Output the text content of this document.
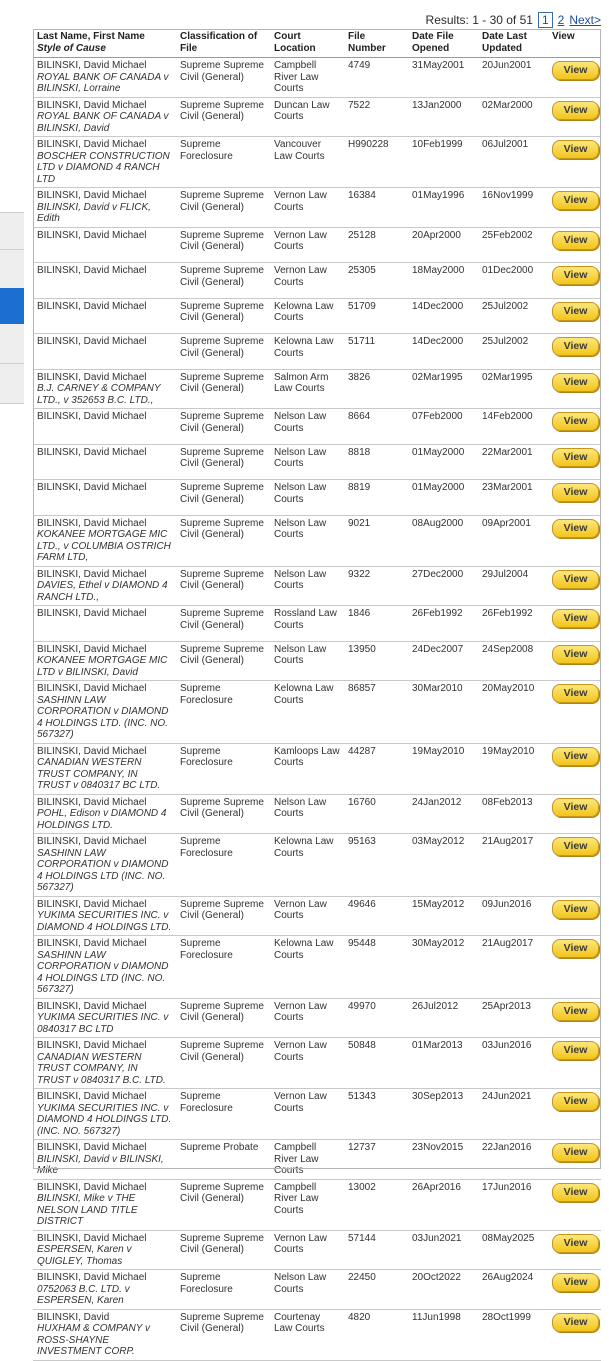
Results: 1 - 30 of 51 1 2 Next>
Last Name, First Name
Style of Cause	Classification of File	Court Location	File Number	Date File Opened	Date Last Updated	View

BILINSKI, David Michael
ROYAL BANK OF CANADA v BILINSKI, Lorraine	Supreme Supreme Civil (General)	Campbell River Law Courts	4749	31May2001	20Jun2001	View

BILINSKI, David Michael
ROYAL BANK OF CANADA v BILINSKI, David	Supreme Supreme Civil (General)	Duncan Law Courts	7522	13Jan2000	02Mar2000	View

BILINSKI, David Michael
BOSCHER CONSTRUCTION LTD v DIAMOND 4 RANCH LTD	Supreme Foreclosure	Vancouver Law Courts	H990228	10Feb1999	06Jul2001	View

BILINSKI, David Michael
BILINSKI, David v FLICK, Edith	Supreme Supreme Civil (General)	Vernon Law Courts	16384	01May1996	16Nov1999	View

BILINSKI, David Michael	Supreme Supreme Civil (General)	Vernon Law Courts	25128	20Apr2000	25Feb2002	View

BILINSKI, David Michael	Supreme Supreme Civil (General)	Vernon Law Courts	25305	18May2000	01Dec2000	View

BILINSKI, David Michael	Supreme Supreme Civil (General)	Kelowna Law Courts	51709	14Dec2000	25Jul2002	View

BILINSKI, David Michael	Supreme Supreme Civil (General)	Kelowna Law Courts	51711	14Dec2000	25Jul2002	View

BILINSKI, David Michael
B.J. CARNEY & COMPANY LTD., v 352653 B.C. LTD.,	Supreme Supreme Civil (General)	Salmon Arm Law Courts	3826	02Mar1995	02Mar1995	View

BILINSKI, David Michael	Supreme Supreme Civil (General)	Nelson Law Courts	8664	07Feb2000	14Feb2000	View

BILINSKI, David Michael	Supreme Supreme Civil (General)	Nelson Law Courts	8818	01May2000	22Mar2001	View

BILINSKI, David Michael	Supreme Supreme Civil (General)	Nelson Law Courts	8819	01May2000	23Mar2001	View

BILINSKI, David Michael
KOKANEE MORTGAGE MIC LTD., v COLUMBIA OSTRICH FARM LTD,	Supreme Supreme Civil (General)	Nelson Law Courts	9021	08Aug2000	09Apr2001	View

BILINSKI, David Michael
DAVIES, Ethel v DIAMOND 4 RANCH LTD.,	Supreme Supreme Civil (General)	Nelson Law Courts	9322	27Dec2000	29Jul2004	View

BILINSKI, David Michael	Supreme Supreme Civil (General)	Rossland Law Courts	1846	26Feb1992	26Feb1992	View

BILINSKI, David Michael
KOKANEE MORTGAGE MIC LTD v BILINSKI, David	Supreme Supreme Civil (General)	Nelson Law Courts	13950	24Dec2007	24Sep2008	View

BILINSKI, David Michael
SASHINN LAW CORPORATION v DIAMOND 4 HOLDINGS LTD. (INC. NO. 567327)	Supreme Foreclosure	Kelowna Law Courts	86857	30Mar2010	20May2010	View

BILINSKI, David Michael
CANADIAN WESTERN TRUST COMPANY, IN TRUST v 0840317 BC LTD.	Supreme Foreclosure	Kamloops Law Courts	44287	19May2010	19May2010	View

BILINSKI, David Michael
POHL, Edison v DIAMOND 4 HOLDINGS LTD.	Supreme Supreme Civil (General)	Nelson Law Courts	16760	24Jan2012	08Feb2013	View

BILINSKI, David Michael
SASHINN LAW CORPORATION v DIAMOND 4 HOLDINGS LTD (INC. NO. 567327)	Supreme Foreclosure	Kelowna Law Courts	95163	03May2012	21Aug2017	View

BILINSKI, David Michael
YUKIMA SECURITIES INC. v DIAMOND 4 HOLDINGS LTD.	Supreme Supreme Civil (General)	Vernon Law Courts	49646	15May2012	09Jun2016	View

BILINSKI, David Michael
SASHINN LAW CORPORATION v DIAMOND 4 HOLDINGS LTD (INC. NO. 567327)	Supreme Foreclosure	Kelowna Law Courts	95448	30May2012	21Aug2017	View

BILINSKI, David Michael
YUKIMA SECURITIES INC. v 0840317 BC LTD	Supreme Supreme Civil (General)	Vernon Law Courts	49970	26Jul2012	25Apr2013	View

BILINSKI, David Michael
CANADIAN WESTERN TRUST COMPANY, IN TRUST v 0840317 B.C. LTD.	Supreme Supreme Civil (General)	Vernon Law Courts	50848	01Mar2013	03Jun2016	View

BILINSKI, David Michael
YUKIMA SECURITIES INC. v DIAMOND 4 HOLDINGS LTD. (INC. NO. 567327)	Supreme Foreclosure	Vernon Law Courts	51343	30Sep2013	24Jun2021	View

BILINSKI, David Michael
BILINSKI, David v BILINSKI, Mike	Supreme Probate	Campbell River Law Courts	12737	23Nov2015	22Jan2016	View

BILINSKI, David Michael
BILINSKI, Mike v THE NELSON LAND TITLE DISTRICT	Supreme Supreme Civil (General)	Campbell River Law Courts	13002	26Apr2016	17Jun2016	View

BILINSKI, David Michael
ESPERSEN, Karen v QUIGLEY, Thomas	Supreme Supreme Civil (General)	Vernon Law Courts	57144	03Jun2021	08May2025	View

BILINSKI, David Michael
0752063 B.C. LTD. v ESPERSEN, Karen	Supreme Foreclosure	Nelson Law Courts	22450	20Oct2022	26Aug2024	View

BILINSKI, David
HUXHAM & COMPANY v ROSS-SHAYNE INVESTMENT CORP.	Supreme Supreme Civil (General)	Courtenay Law Courts	4820	11Jun1998	28Oct1999	View
